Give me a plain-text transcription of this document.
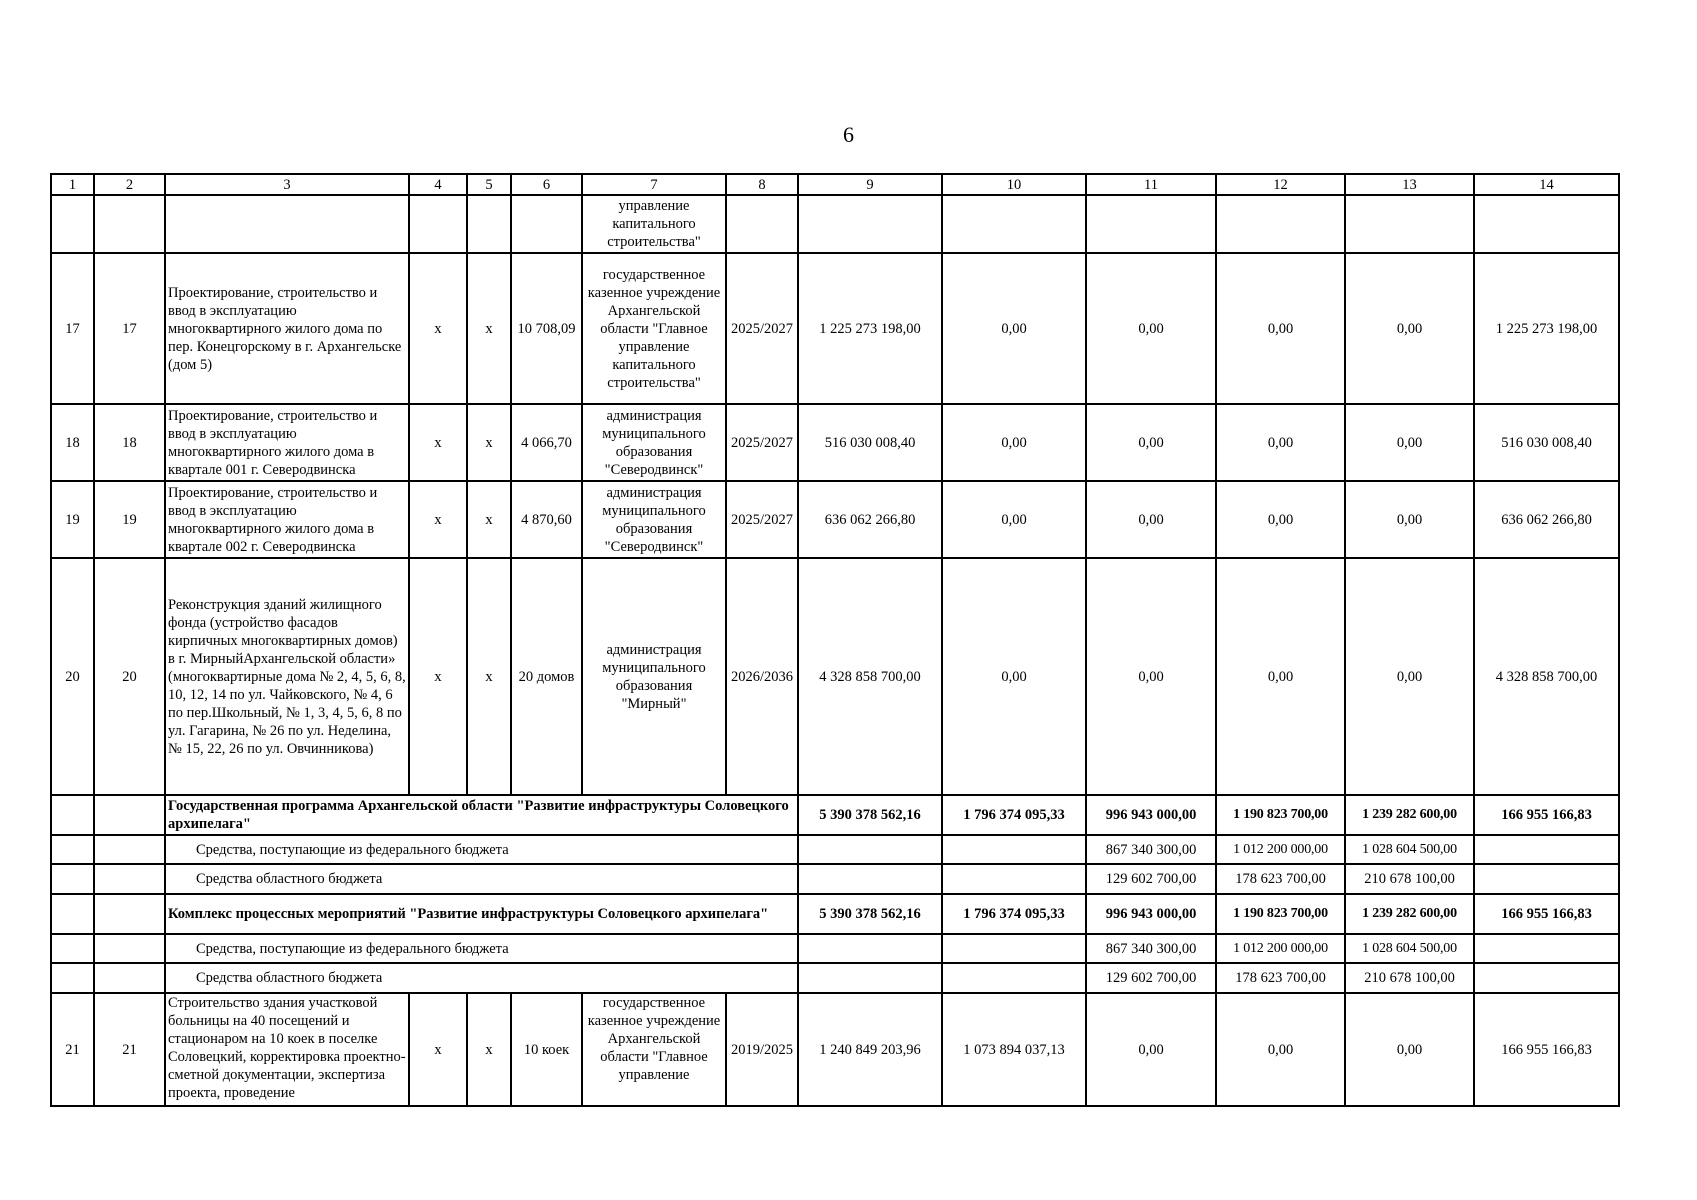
6
1	2	3	4	5	6	7	8	9	10	11	12	13	14
						управление капитального строительства"							
17	17	Проектирование, строительство и ввод в эксплуатацию многоквартирного жилого дома по пер. Конецгорскому в г. Архангельске (дом 5)	x	x	10 708,09	государственное казенное учреждение Архангельской области "Главное управление капитального строительства"	2025/2027	1 225 273 198,00	0,00	0,00	0,00	0,00	1 225 273 198,00
18	18	Проектирование, строительство и ввод в эксплуатацию многоквартирного жилого дома в квартале 001 г. Северодвинска	x	x	4 066,70	администрация муниципального образования "Северодвинск"	2025/2027	516 030 008,40	0,00	0,00	0,00	0,00	516 030 008,40
19	19	Проектирование, строительство и ввод в эксплуатацию многоквартирного жилого дома в квартале 002 г. Северодвинска	x	x	4 870,60	администрация муниципального образования "Северодвинск"	2025/2027	636 062 266,80	0,00	0,00	0,00	0,00	636 062 266,80
20	20	Реконструкция зданий жилищного фонда (устройство фасадов кирпичных многоквартирных домов) в г. МирныйАрхангельской области» (многоквартирные дома № 2, 4, 5, 6, 8, 10, 12, 14 по ул. Чайковского, № 4, 6 по пер.Школьный, № 1, 3, 4, 5, 6, 8 по ул. Гагарина, № 26 по ул. Неделина, № 15, 22, 26 по ул. Овчинникова)	x	x	20 домов	администрация муниципального образования "Мирный"	2026/2036	4 328 858 700,00	0,00	0,00	0,00	0,00	4 328 858 700,00
		Государственная программа Архангельской области "Развитие инфраструктуры Соловецкого архипелага"						5 390 378 562,16	1 796 374 095,33	996 943 000,00	1 190 823 700,00	1 239 282 600,00	166 955 166,83
		Средства, поступающие из федерального бюджета								867 340 300,00	1 012 200 000,00	1 028 604 500,00	
		Средства областного бюджета								129 602 700,00	178 623 700,00	210 678 100,00	
		Комплекс процессных мероприятий "Развитие инфраструктуры Соловецкого архипелага"						5 390 378 562,16	1 796 374 095,33	996 943 000,00	1 190 823 700,00	1 239 282 600,00	166 955 166,83
		Средства, поступающие из федерального бюджета								867 340 300,00	1 012 200 000,00	1 028 604 500,00	
		Средства областного бюджета								129 602 700,00	178 623 700,00	210 678 100,00	
21	21	Строительство здания участковой больницы на 40 посещений и стационаром на 10 коек в поселке Соловецкий, корректировка проектно-сметной документации, экспертиза проекта, проведение	x	x	10 коек	государственное казенное учреждение Архангельской области "Главное управление	2019/2025	1 240 849 203,96	1 073 894 037,13	0,00	0,00	0,00	166 955 166,83
